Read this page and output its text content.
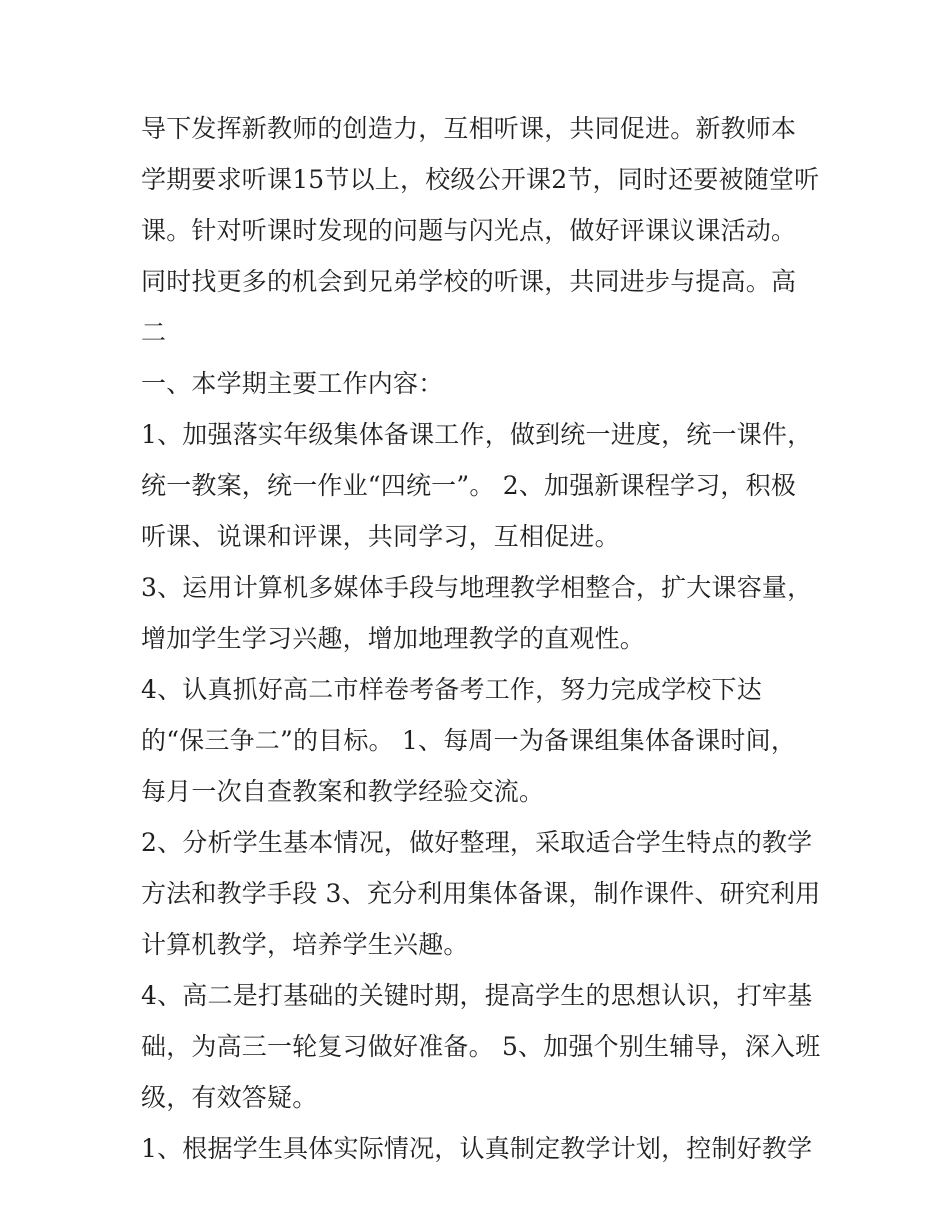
导下发挥新教师的创造力，互相听课，共同促进。新教师本学期要求听课15节以上，校级公开课2节，同时还要被随堂听课。针对听课时发现的问题与闪光点，做好评课议课活动。同时找更多的机会到兄弟学校的听课，共同进步与提高。高二

一、本学期主要工作内容：

1、加强落实年级集体备课工作，做到统一进度，统一课件，统一教案，统一作业“四统一”。 2、加强新课程学习，积极听课、说课和评课，共同学习，互相促进。

3、运用计算机多媒体手段与地理教学相整合，扩大课容量，增加学生学习兴趣，增加地理教学的直观性。

4、认真抓好高二市样卷考备考工作，努力完成学校下达的“保三争二”的目标。 1、每周一为备课组集体备课时间，每月一次自查教案和教学经验交流。

2、分析学生基本情况，做好整理，采取适合学生特点的教学方法和教学手段 3、充分利用集体备课，制作课件、研究利用计算机教学，培养学生兴趣。

4、高二是打基础的关键时期，提高学生的思想认识，打牢基础，为高三一轮复习做好准备。 5、加强个别生辅导，深入班级，有效答疑。

1、根据学生具体实际情况，认真制定教学计划，控制好教学
